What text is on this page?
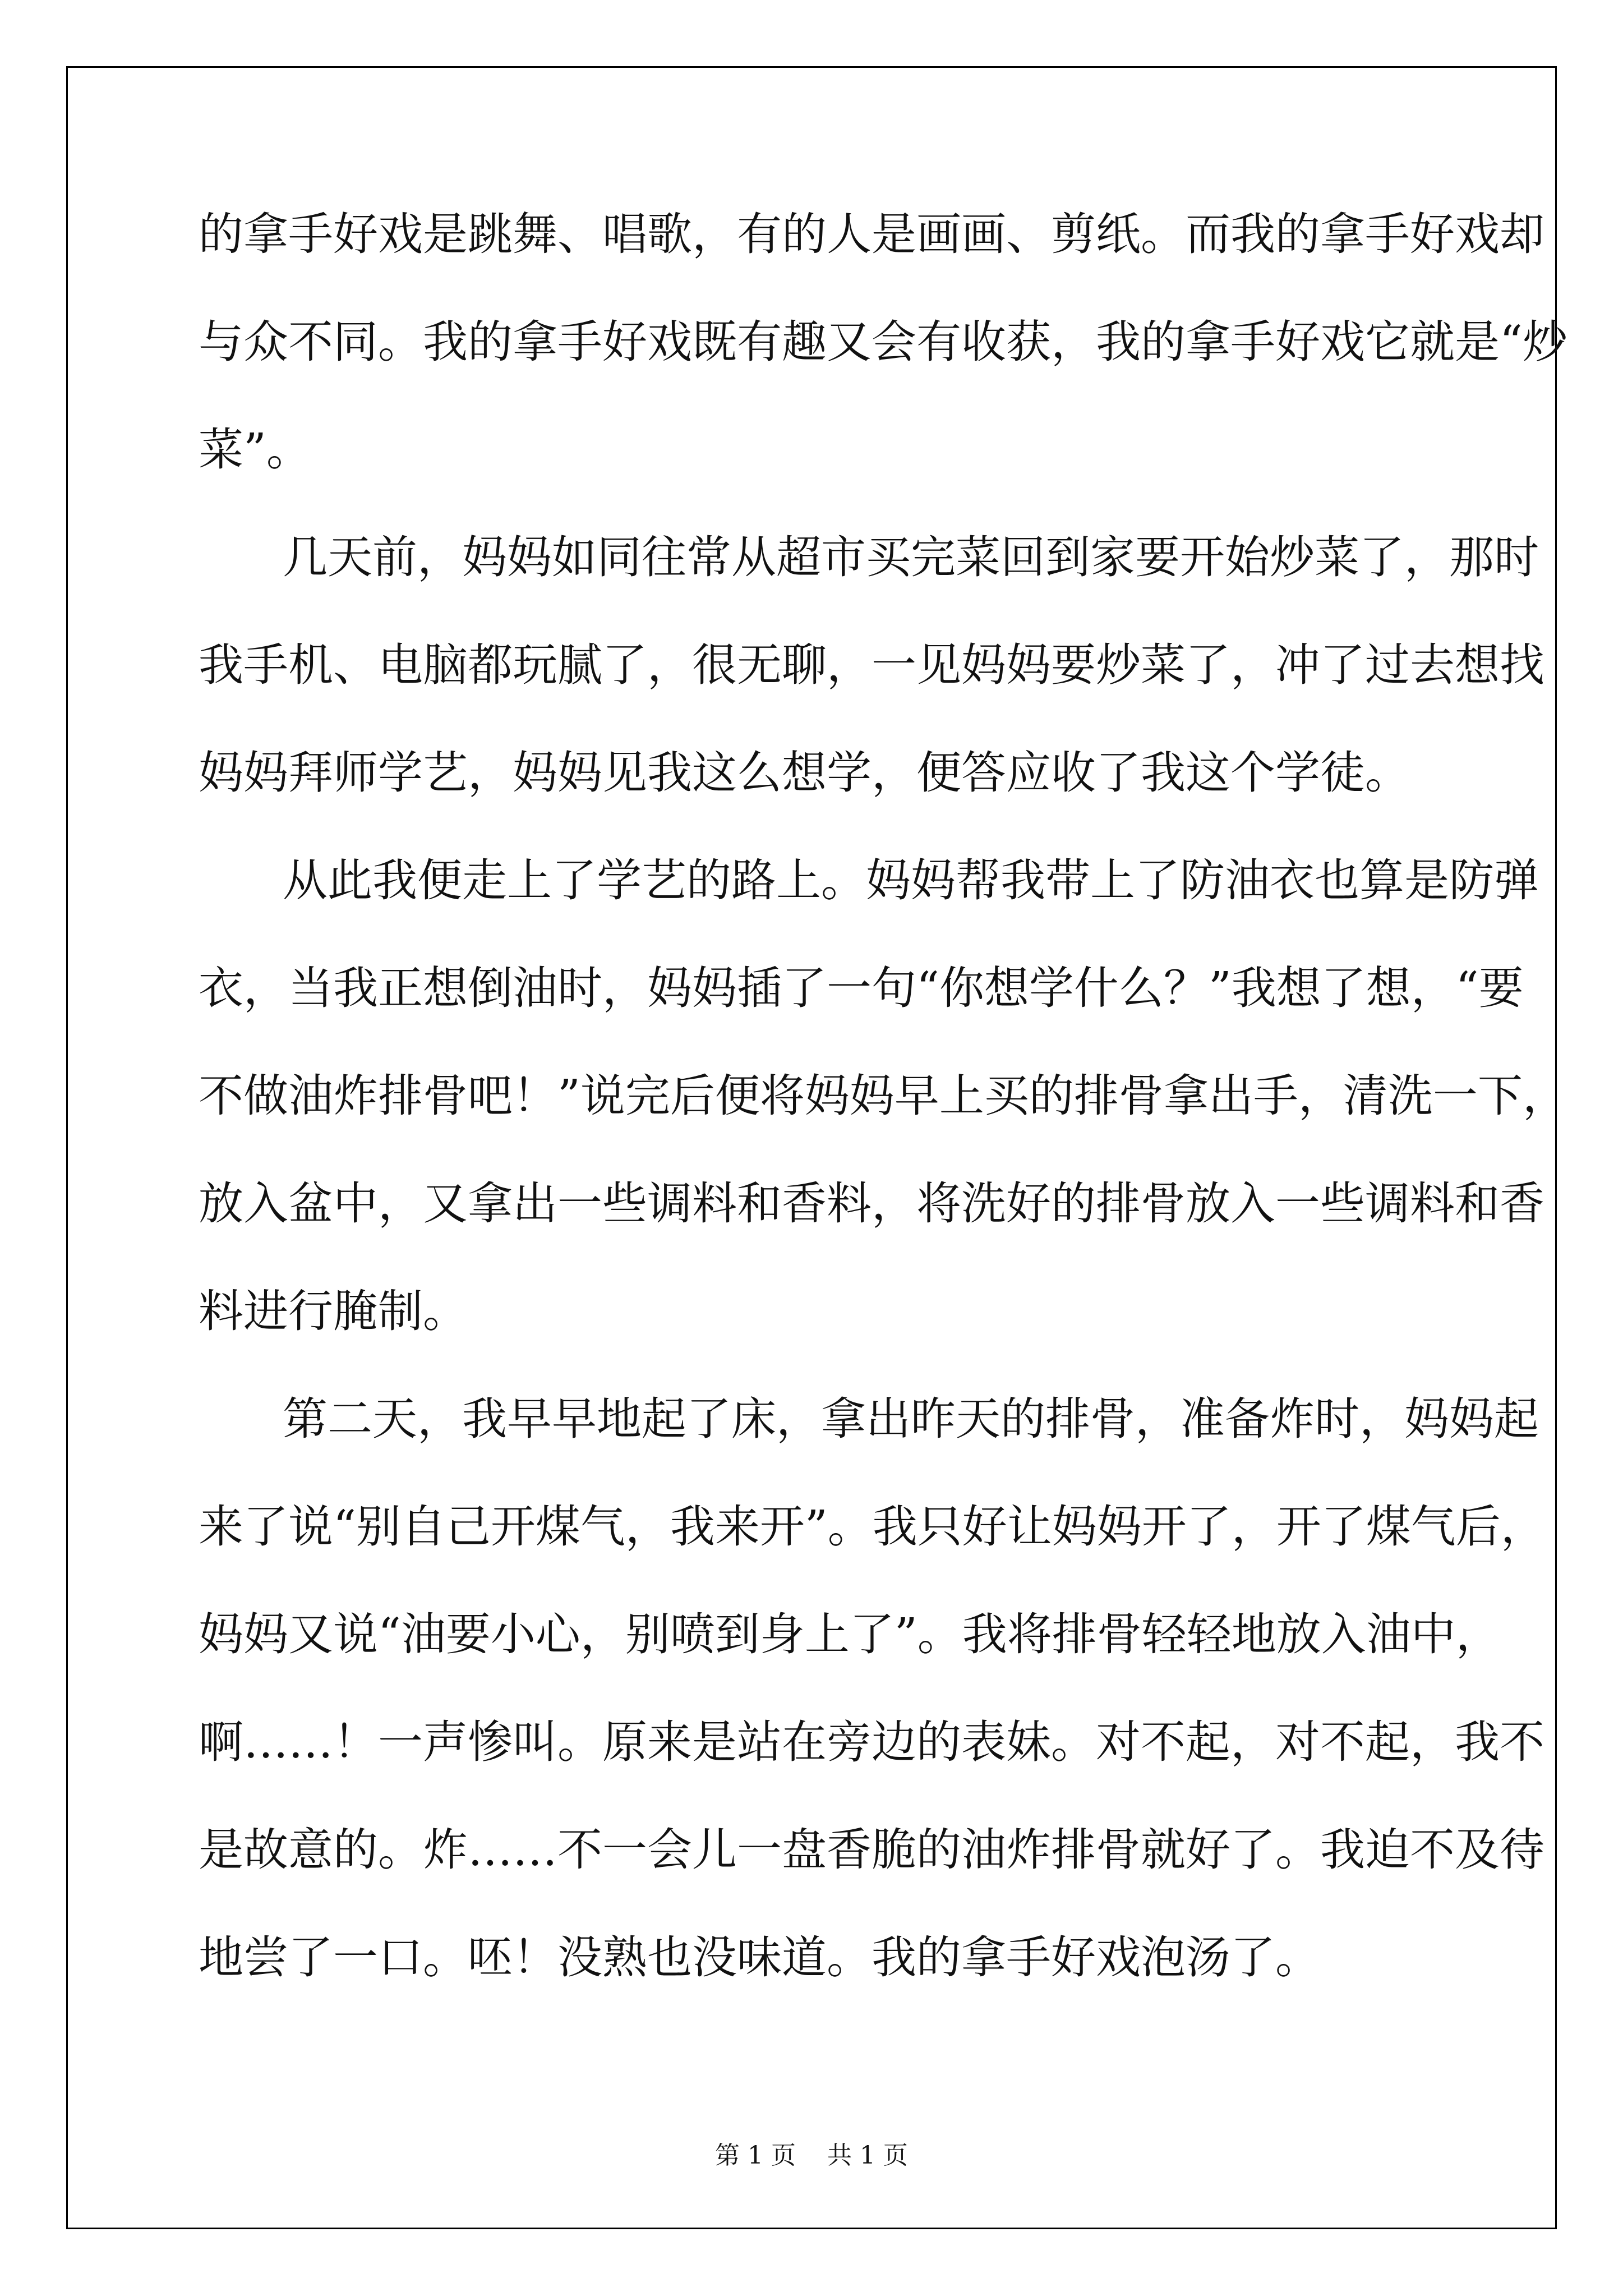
的拿手好戏是跳舞、唱歌，有的人是画画、剪纸。而我的拿手好戏却
与众不同。我的拿手好戏既有趣又会有收获，我的拿手好戏它就是“炒
菜”。
几天前，妈妈如同往常从超市买完菜回到家要开始炒菜了，那时
我手机、电脑都玩腻了，很无聊，一见妈妈要炒菜了，冲了过去想找
妈妈拜师学艺，妈妈见我这么想学，便答应收了我这个学徒。
从此我便走上了学艺的路上。妈妈帮我带上了防油衣也算是防弹
衣，当我正想倒油时，妈妈插了一句“你想学什么？”我想了想，“要
不做油炸排骨吧！”说完后便将妈妈早上买的排骨拿出手，清洗一下，
放入盆中，又拿出一些调料和香料，将洗好的排骨放入一些调料和香
料进行腌制。
第二天，我早早地起了床，拿出昨天的排骨，准备炸时，妈妈起
来了说“别自己开煤气，我来开”。我只好让妈妈开了，开了煤气后，
妈妈又说“油要小心，别喷到身上了”。我将排骨轻轻地放入油中，
啊……！一声惨叫。原来是站在旁边的表妹。对不起，对不起，我不
是故意的。炸……不一会儿一盘香脆的油炸排骨就好了。我迫不及待
地尝了一口。呸！没熟也没味道。我的拿手好戏泡汤了。
第 1 页    共 1 页
